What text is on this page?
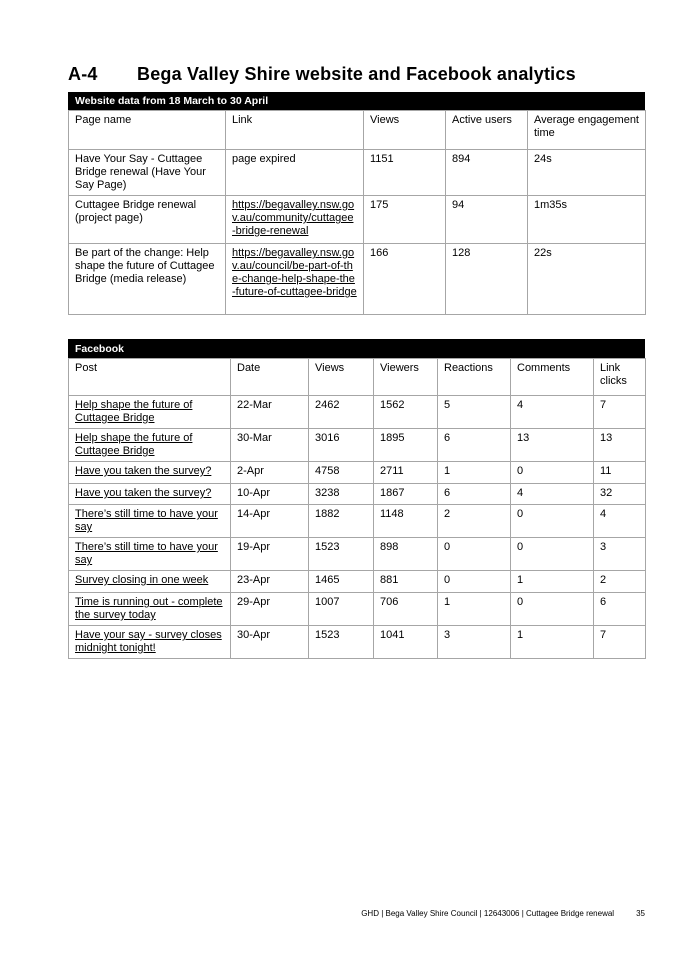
A-4 Bega Valley Shire website and Facebook analytics
Website data from 18 March to 30 April
Page name	Link	Views	Active users	Average engagement time
Have Your Say - Cuttagee Bridge renewal (Have Your Say Page)	page expired	1151	894	24s
Cuttagee Bridge renewal (project page)	https://begavalley.nsw.gov.au/community/cuttagee-bridge-renewal	175	94	1m35s
Be part of the change: Help shape the future of Cuttagee Bridge (media release)	https://begavalley.nsw.gov.au/council/be-part-of-the-change-help-shape-the-future-of-cuttagee-bridge	166	128	22s
Facebook
Post	Date	Views	Viewers	Reactions	Comments	Link clicks
Help shape the future of Cuttagee Bridge	22-Mar	2462	1562	5	4	7
Help shape the future of Cuttagee Bridge	30-Mar	3016	1895	6	13	13
Have you taken the survey?	2-Apr	4758	2711	1	0	11
Have you taken the survey?	10-Apr	3238	1867	6	4	32
There’s still time to have your say	14-Apr	1882	1148	2	0	4
There’s still time to have your say	19-Apr	1523	898	0	0	3
Survey closing in one week	23-Apr	1465	881	0	1	2
Time is running out - complete the survey today	29-Apr	1007	706	1	0	6
Have your say - survey closes midnight tonight!	30-Apr	1523	1041	3	1	7
GHD | Bega Valley Shire Council | 12643006 | Cuttagee Bridge renewal	35
